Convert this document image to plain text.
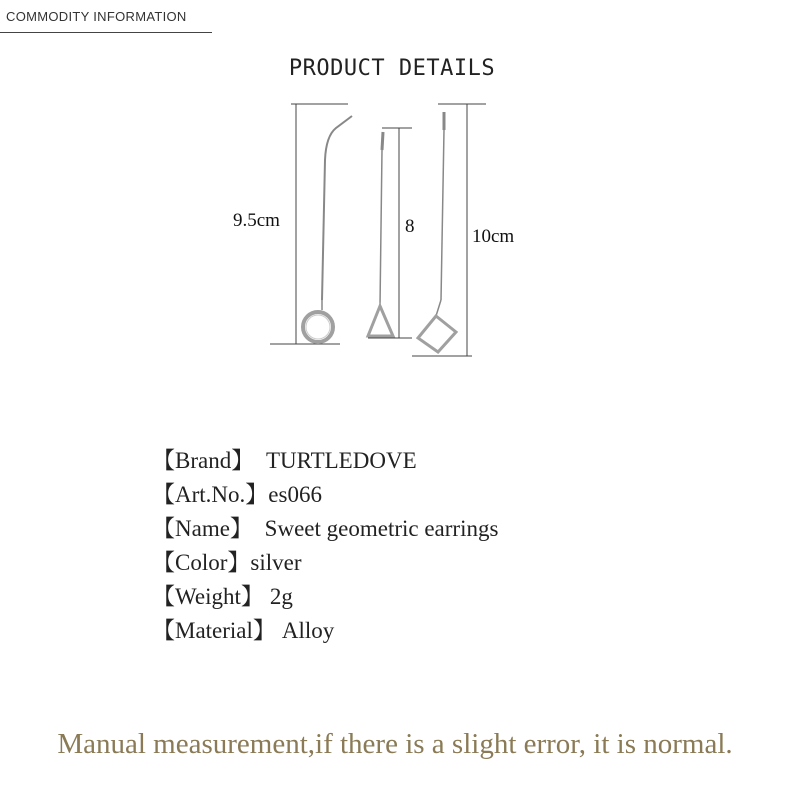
COMMODITY INFORMATION
PRODUCT DETAILS
9.5cm	8	10cm
【Brand】 TURTLEDOVE
【Art.No.】es066
【Name】 Sweet geometric earrings
【Color】silver
【Weight】 2g
【Material】 Alloy
Manual measurement,if there is a slight error, it is normal.
